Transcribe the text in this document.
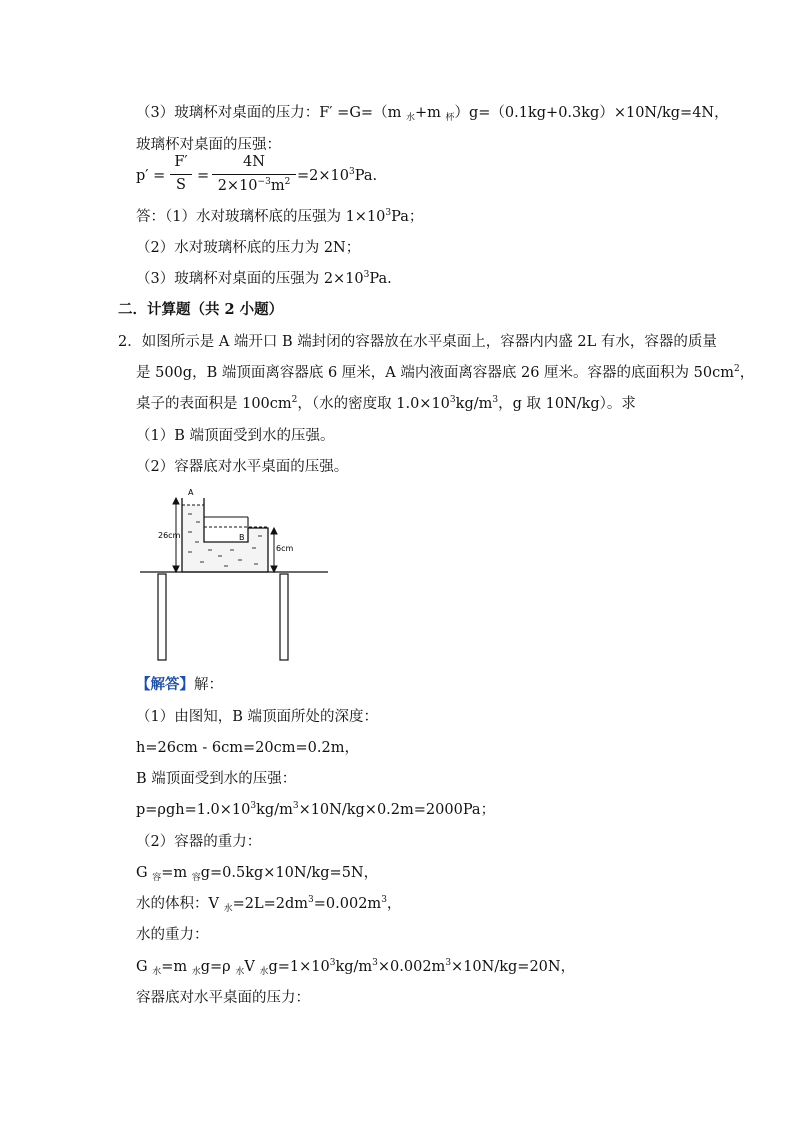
（3）玻璃杯对桌面的压力：F′ =G=（m $_水$+m $_杯$）g=（0.1kg+0.3kg）×10N/kg=4N，
玻璃杯对桌面的压强：
p′ =
F′
S
=
4N
$2\times 10^{-3}m^2 =2\times 10^3Pa$.
答：（1）水对玻璃杯底的压强为 $1\times 10^3Pa$；
（2）水对玻璃杯底的压力为 2N；
（3）玻璃杯对桌面的压强为 $2\times 10^3Pa$.
二．计算题（共 2 小题）
2．如图所示是 A 端开口 B 端封闭的容器放在水平桌面上，容器内内盛 2L 有水，容器的质量
是 500g，B 端顶面离容器底 6 厘米，A 端内液面离容器底 26 厘米。容器的底面积为 $50cm^2$，
桌子的表面积是 $100cm^2$，（水的密度取 $1.0\times 10^3kg/m^3$，g 取 10N/kg）。求
（1）B 端顶面受到水的压强。
（2）容器底对水平桌面的压强。
A
B
26cm
6cm
【解答】解：
（1）由图知，B 端顶面所处的深度：
h=26cm - 6cm=20cm=0.2m，
B 端顶面受到水的压强：
$p=\rho gh=1.0\times 10^3kg/m^3\times 10N/kg\times 0.2m=2000Pa$；
（2）容器的重力：
G $_容$=m $_容$g=0.5kg×10N/kg=5N，
水的体积：V $_水=2L=2dm^3=0.002m^3$，
水的重力：
G $_水$=m $_水$g=ρ $_水$V $_水g=1\times 10^3kg/m^3\times 0.002m^3\times 10N/kg=20N$，
容器底对水平桌面的压力：
